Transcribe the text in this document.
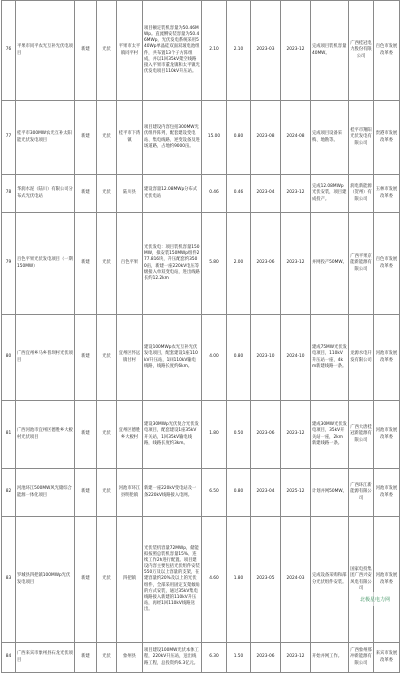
76	平果市同平农光互补光伏电项目	新建	光伏	平果市太平镇同平村	项目额定装机容量为50.46MWp。直流侧安装容量为50.46MWp，光伏发电系统采用540Wp单晶硅双面双玻电池组件，共布置13个子方阵组成，并以1回35kV架空线路接入平果市董龙镇和太平镇光伏发电项目110kV升压站。	2.10	2.10	2023-03	2023-12	完成项目装机容量40MW。	广西桂冠电力股份有限公司	百色市发展改革委
77	桂平市300MW农光互补太阳能光伏发电项目	新建	光伏	桂平市下湾镇	项目建设内容包括300MW光伏组件阵列，配套建设变电站、集电线路、逆变设备及进场道路，占地约9000亩。	15.00	0.80	2023-08	2024-08	完成项目设备采购、地勘等。	桂平市翔阳光伏发电有限公司	贵港市发展改革委
78	华润水泥（陆川）有限公司分布式光伏电站	新建	光伏	陆川县	建设容量12.08MWp分布式光伏电站	0.46	0.46	2023-04	2023-12	完成12.08MWp光伏安装，项目建成投产。	润电新能源（贺州）有限公司	玉林市发展改革委
79	百色平果光伏发电项目（一期150MW）	新建	光伏	百色平果	光伏发电：项目装机容量150MW，拟安装150MWp组件277.816块，升压配套约3500亩，新建一座220kV电压等级接入单双变电站，进出线路长约12.2km	5.80	2.00	2023-06	2023-12	并网投产50MW。	广西平果京能新能源有限公司	百色市发展改革委
80	广西宜州乡马乡普坝村光伏项目	新建	光伏	宜州区怀远镇甘村	建设100MWp农光互补光伏发电项目，配套建设1座110kV升压站，1回110kV输电线路，线路长度约6km。	4.00	0.80	2023-10	2024-10	建成75MW光伏发电项目，110kV升压站一座、4km新建线路一条。	龙源水电开发有限公司	河池市发展改革委
81	广西河池市宜州区德胜乡大板村光伏项目	新建	光伏	宜州区德胜乡大板村	建设30MWp光伏复合光伏发电项目，配套建设1座35kV开关站，1回35kV输电线路，线路长度约3km。	1.80	0.50	2023-06	2023-12	建成30MW光伏发电项目，35kV开关站一座，2km新建线路一条。	广西大唐桂冠新能源有限公司	河池市发展改革委
82	河池环江500MW风光储综合能源一体化项目	新建	光伏	河池市环江县明伦镇	新建一座220kV变电站及一条220kV线路接入电网。	6.50	0.80	2023-04	2025-12	计划并网50MW。	广西环江新能源有限公司	河池市发展改革委
83	罗城县四把镇100MWp光伏发电项目	新建	光伏	四把镇	光伏装机容量72MWp，储能拟按照总装机容量15%、连续工作2h进行配置。项目建设内容主要包括光伏组件安装550万及以上容量的支架，在建容量约20%及以上的光伏组件，全部采用固定支架倾角的方式安装，通过35kV集电线路接入新建的110kV升压站，再经1回110kV线路送出。	4.60	1.80	2023-05	2024-03	完成设备采购和部分光伏组件安装。	国家电投集团广西兴安风电有限公司	河池市发展改革委
84	广西来宾市象州县石龙光伏项目	新建	光伏	象州县	项目建设100MW光伏本体工程，220kV升压站，送出线路工程，总投资约6.3亿元。	6.30	1.50	2023-06	2023-12	开始并网工作。	广西象州那冲新能源有限公司	来宾市发展改革委
北极星电力网
